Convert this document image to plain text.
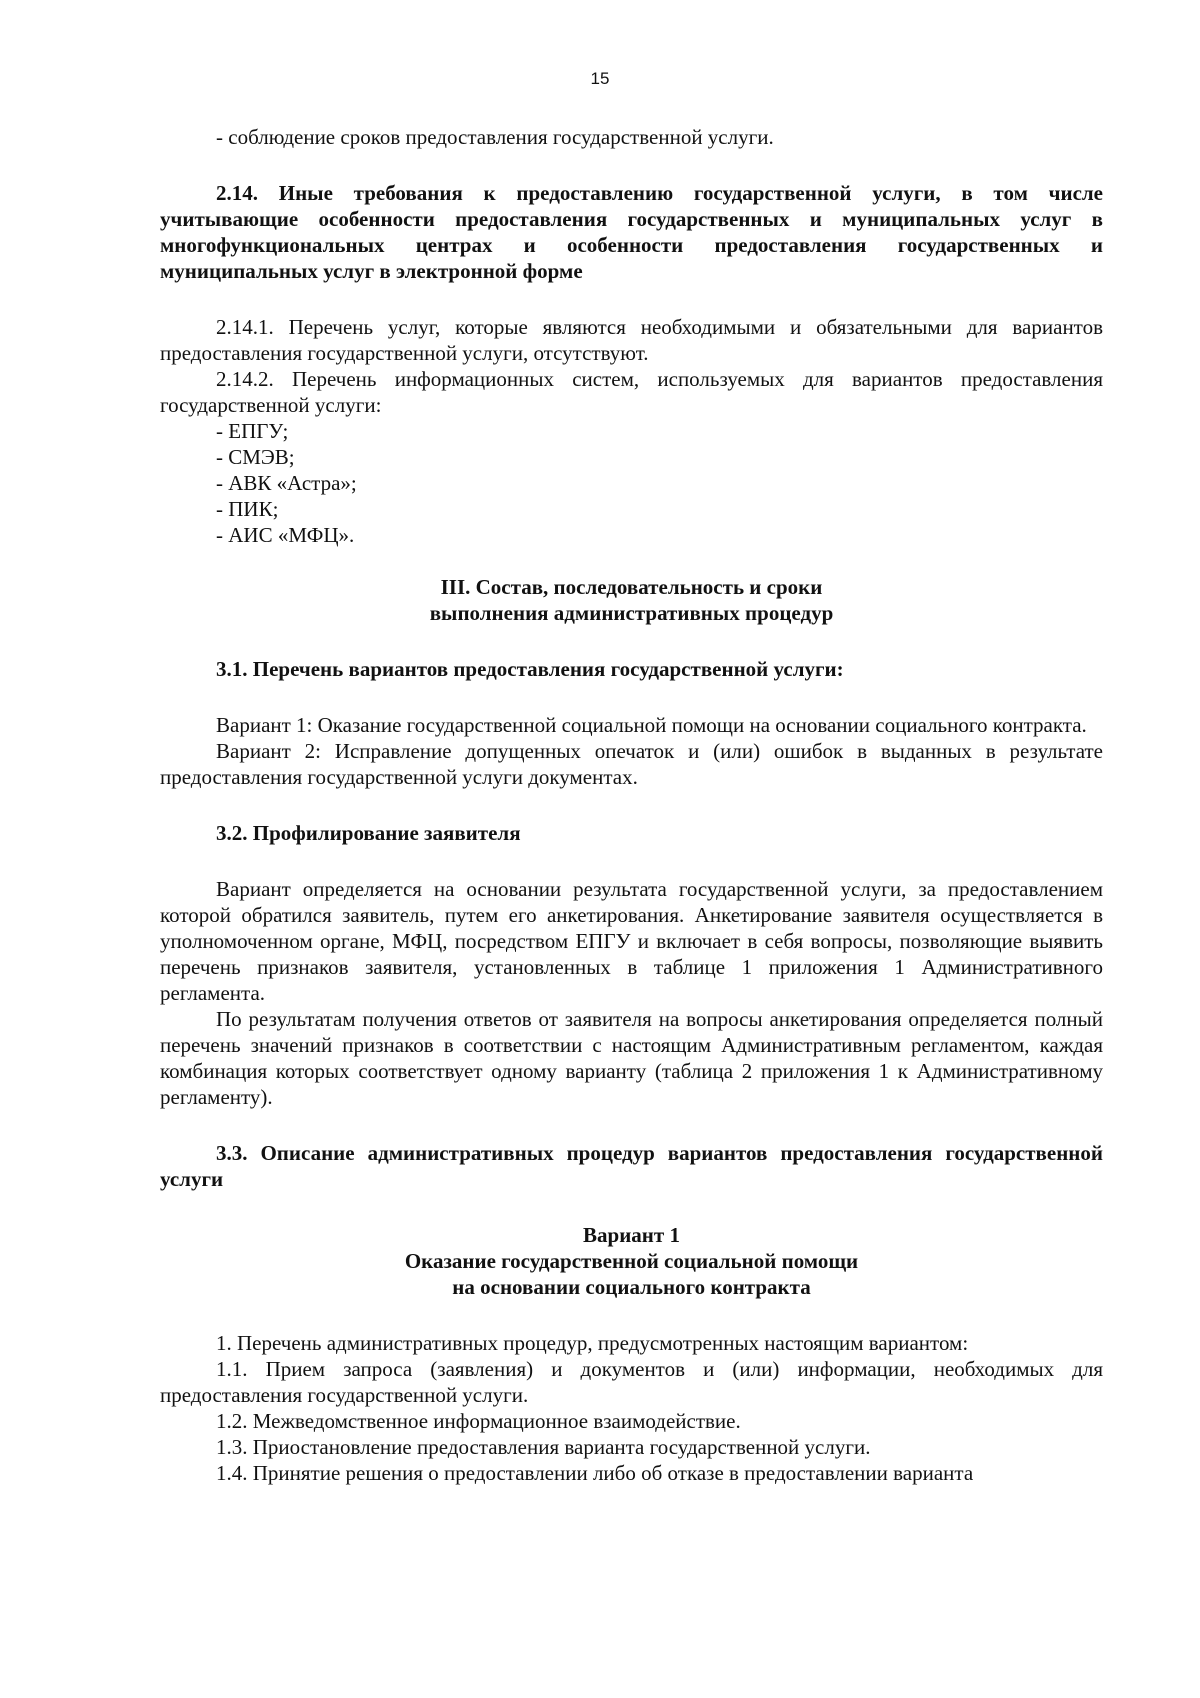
15

- соблюдение сроков предоставления государственной услуги.

2.14. Иные требования к предоставлению государственной услуги, в том числе учитывающие особенности предоставления государственных и муниципальных услуг в многофункциональных центрах и особенности предоставления государственных и муниципальных услуг в электронной форме

2.14.1. Перечень услуг, которые являются необходимыми и обязательными для вариантов предоставления государственной услуги, отсутствуют.

2.14.2. Перечень информационных систем, используемых для вариантов предоставления государственной услуги:

- ЕПГУ;

- СМЭВ;

- АВК «Астра»;

- ПИК;

- АИС «МФЦ».

III. Состав, последовательность и сроки

выполнения административных процедур

3.1. Перечень вариантов предоставления государственной услуги:

Вариант 1: Оказание государственной социальной помощи на основании социального контракта.

Вариант 2: Исправление допущенных опечаток и (или) ошибок в выданных в результате предоставления государственной услуги документах.

3.2. Профилирование заявителя

Вариант определяется на основании результата государственной услуги, за предоставлением которой обратился заявитель, путем его анкетирования. Анкетирование заявителя осуществляется в уполномоченном органе, МФЦ, посредством ЕПГУ и включает в себя вопросы, позволяющие выявить перечень признаков заявителя, установленных в таблице 1 приложения 1 Административного регламента.

По результатам получения ответов от заявителя на вопросы анкетирования определяется полный перечень значений признаков в соответствии с настоящим Административным регламентом, каждая комбинация которых соответствует одному варианту (таблица 2 приложения 1 к Административному регламенту).

3.3. Описание административных процедур вариантов предоставления государственной услуги

Вариант 1

Оказание государственной социальной помощи

на основании социального контракта

1. Перечень административных процедур, предусмотренных настоящим вариантом:

1.1. Прием запроса (заявления) и документов и (или) информации, необходимых для предоставления государственной услуги.

1.2. Межведомственное информационное взаимодействие.

1.3. Приостановление предоставления варианта государственной услуги.

1.4. Принятие решения о предоставлении либо об отказе в предоставлении варианта
